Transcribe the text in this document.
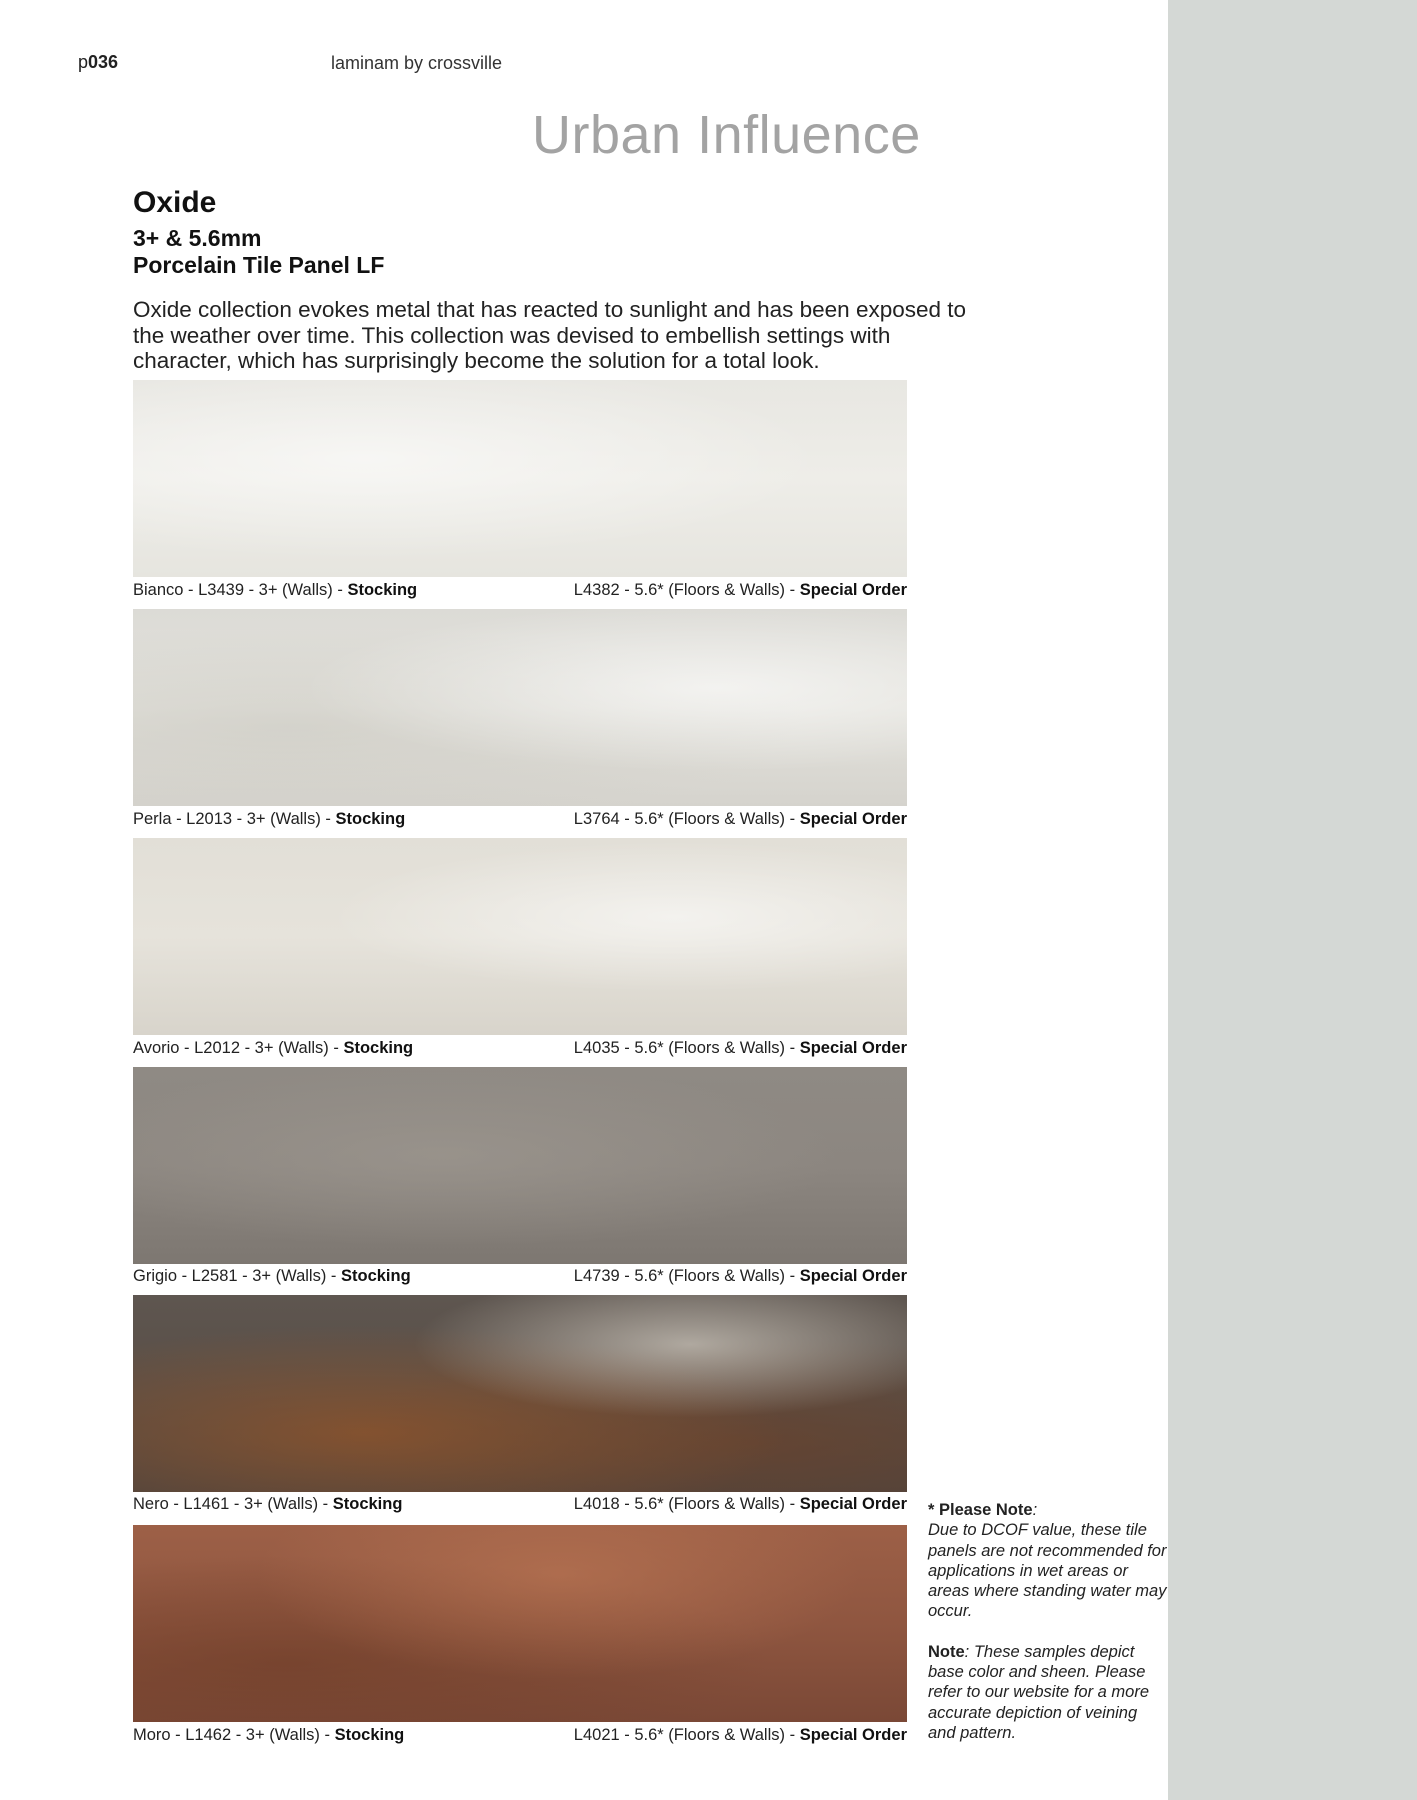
p036	laminam by crossville
Urban Influence
Oxide
3+ & 5.6mm
Porcelain Tile Panel LF
Oxide collection evokes metal that has reacted to sunlight and has been exposed to the weather over time. This collection was devised to embellish settings with character, which has surprisingly become the solution for a total look.
Bianco - L3439 - 3+ (Walls) - Stocking	L4382 - 5.6* (Floors & Walls) - Special Order
Perla - L2013 - 3+ (Walls) - Stocking	L3764 - 5.6* (Floors & Walls) - Special Order
Avorio - L2012 - 3+ (Walls) - Stocking	L4035 - 5.6* (Floors & Walls) - Special Order
Grigio - L2581 - 3+ (Walls) - Stocking	L4739 - 5.6* (Floors & Walls) - Special Order
Nero - L1461 - 3+ (Walls) - Stocking	L4018 - 5.6* (Floors & Walls) - Special Order
Moro - L1462 - 3+ (Walls) - Stocking	L4021 - 5.6* (Floors & Walls) - Special Order
* Please Note:
Due to DCOF value, these tile panels are not recommended for applications in wet areas or areas where standing water may occur.
Note: These samples depict base color and sheen. Please refer to our website for a more accurate depiction of veining and pattern.
